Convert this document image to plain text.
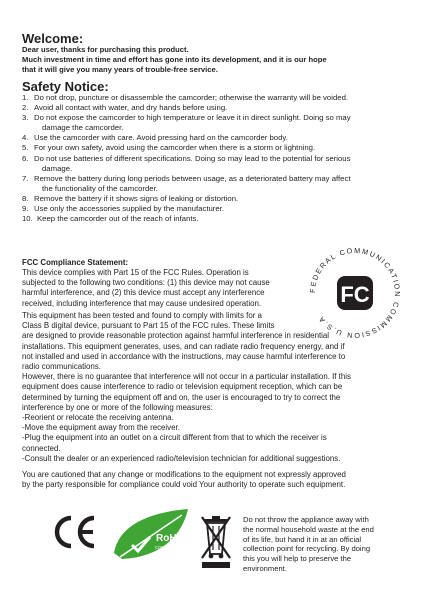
Welcome:

Dear user, thanks for purchasing this product.

Much investment in time and effort has gone into its development, and it is our hope

that it will give you many years of trouble-free service.

Safety Notice:
1. Do not drop, puncture or disassemble the camcorder; otherwise the warranty will be voided.
2. Avoid all contact with water, and dry hands before using.
3. Do not expose the camcorder to high temperature or leave it in direct sunlight. Doing so may
damage the camcorder.
4. Use the camcorder with care. Avoid pressing hard on the camcorder body.
5. For your own safety, avoid using the camcorder when there is a storm or lightning.
6. Do not use batteries of different specifications. Doing so may lead to the potential for serious
damage.
7. Remove the battery during long periods between usage, as a deteriorated battery may affect
the functionality of the camcorder.
8. Remove the battery if it shows signs of leaking or distortion.
9. Use only the accessories supplied by the manufacturer.
10. Keep the camcorder out of the reach of infants.
FCC Compliance Statement:

This device complies with Part 15 of the FCC Rules. Operation is

subjected to the following two conditions: (1) this device may not cause

harmful interference, and (2) this device must accept any interference

received, including interference that may cause undesired operation.

FEDERAL COMMUNICATION COMMISSION U.S.A
FC

This equipment has been tested and found to comply with limits for a

Class B digital device, pursuant to Part 15 of the FCC rules. These limits

are designed to provide reasonable protection against harmful interference in residential

installations. This equipment generates, uses, and can radiate radio frequency energy, and if

not installed and used in accordance with the instructions, may cause harmful interference to

radio communications.

However, there is no guarantee that interference will not occur in a particular installation. If this

equipment does cause interference to radio or television equipment reception, which can be

determined by turning the equipment off and on, the user is encouraged to try to correct the

interference by one or more of the following measures:

-Reorient or relocate the receiving antenna.

-Move the equipment away from the receiver.

-Plug the equipment into an outlet on a circuit different from that to which the receiver is

connected.

-Consult the dealer or an experienced radio/television technician for additional suggestions.

You are cautioned that any change or modifications to the equipment not expressly approved

by the party responsible for compliance could void Your authority to operate such equipment.

RoHS
COMPLIANT

Do not throw the appliance away with

the normal household waste at the end

of its life, but hand it in at an official

collection point for recycling. By doing

this you will help to preserve the

environment.
